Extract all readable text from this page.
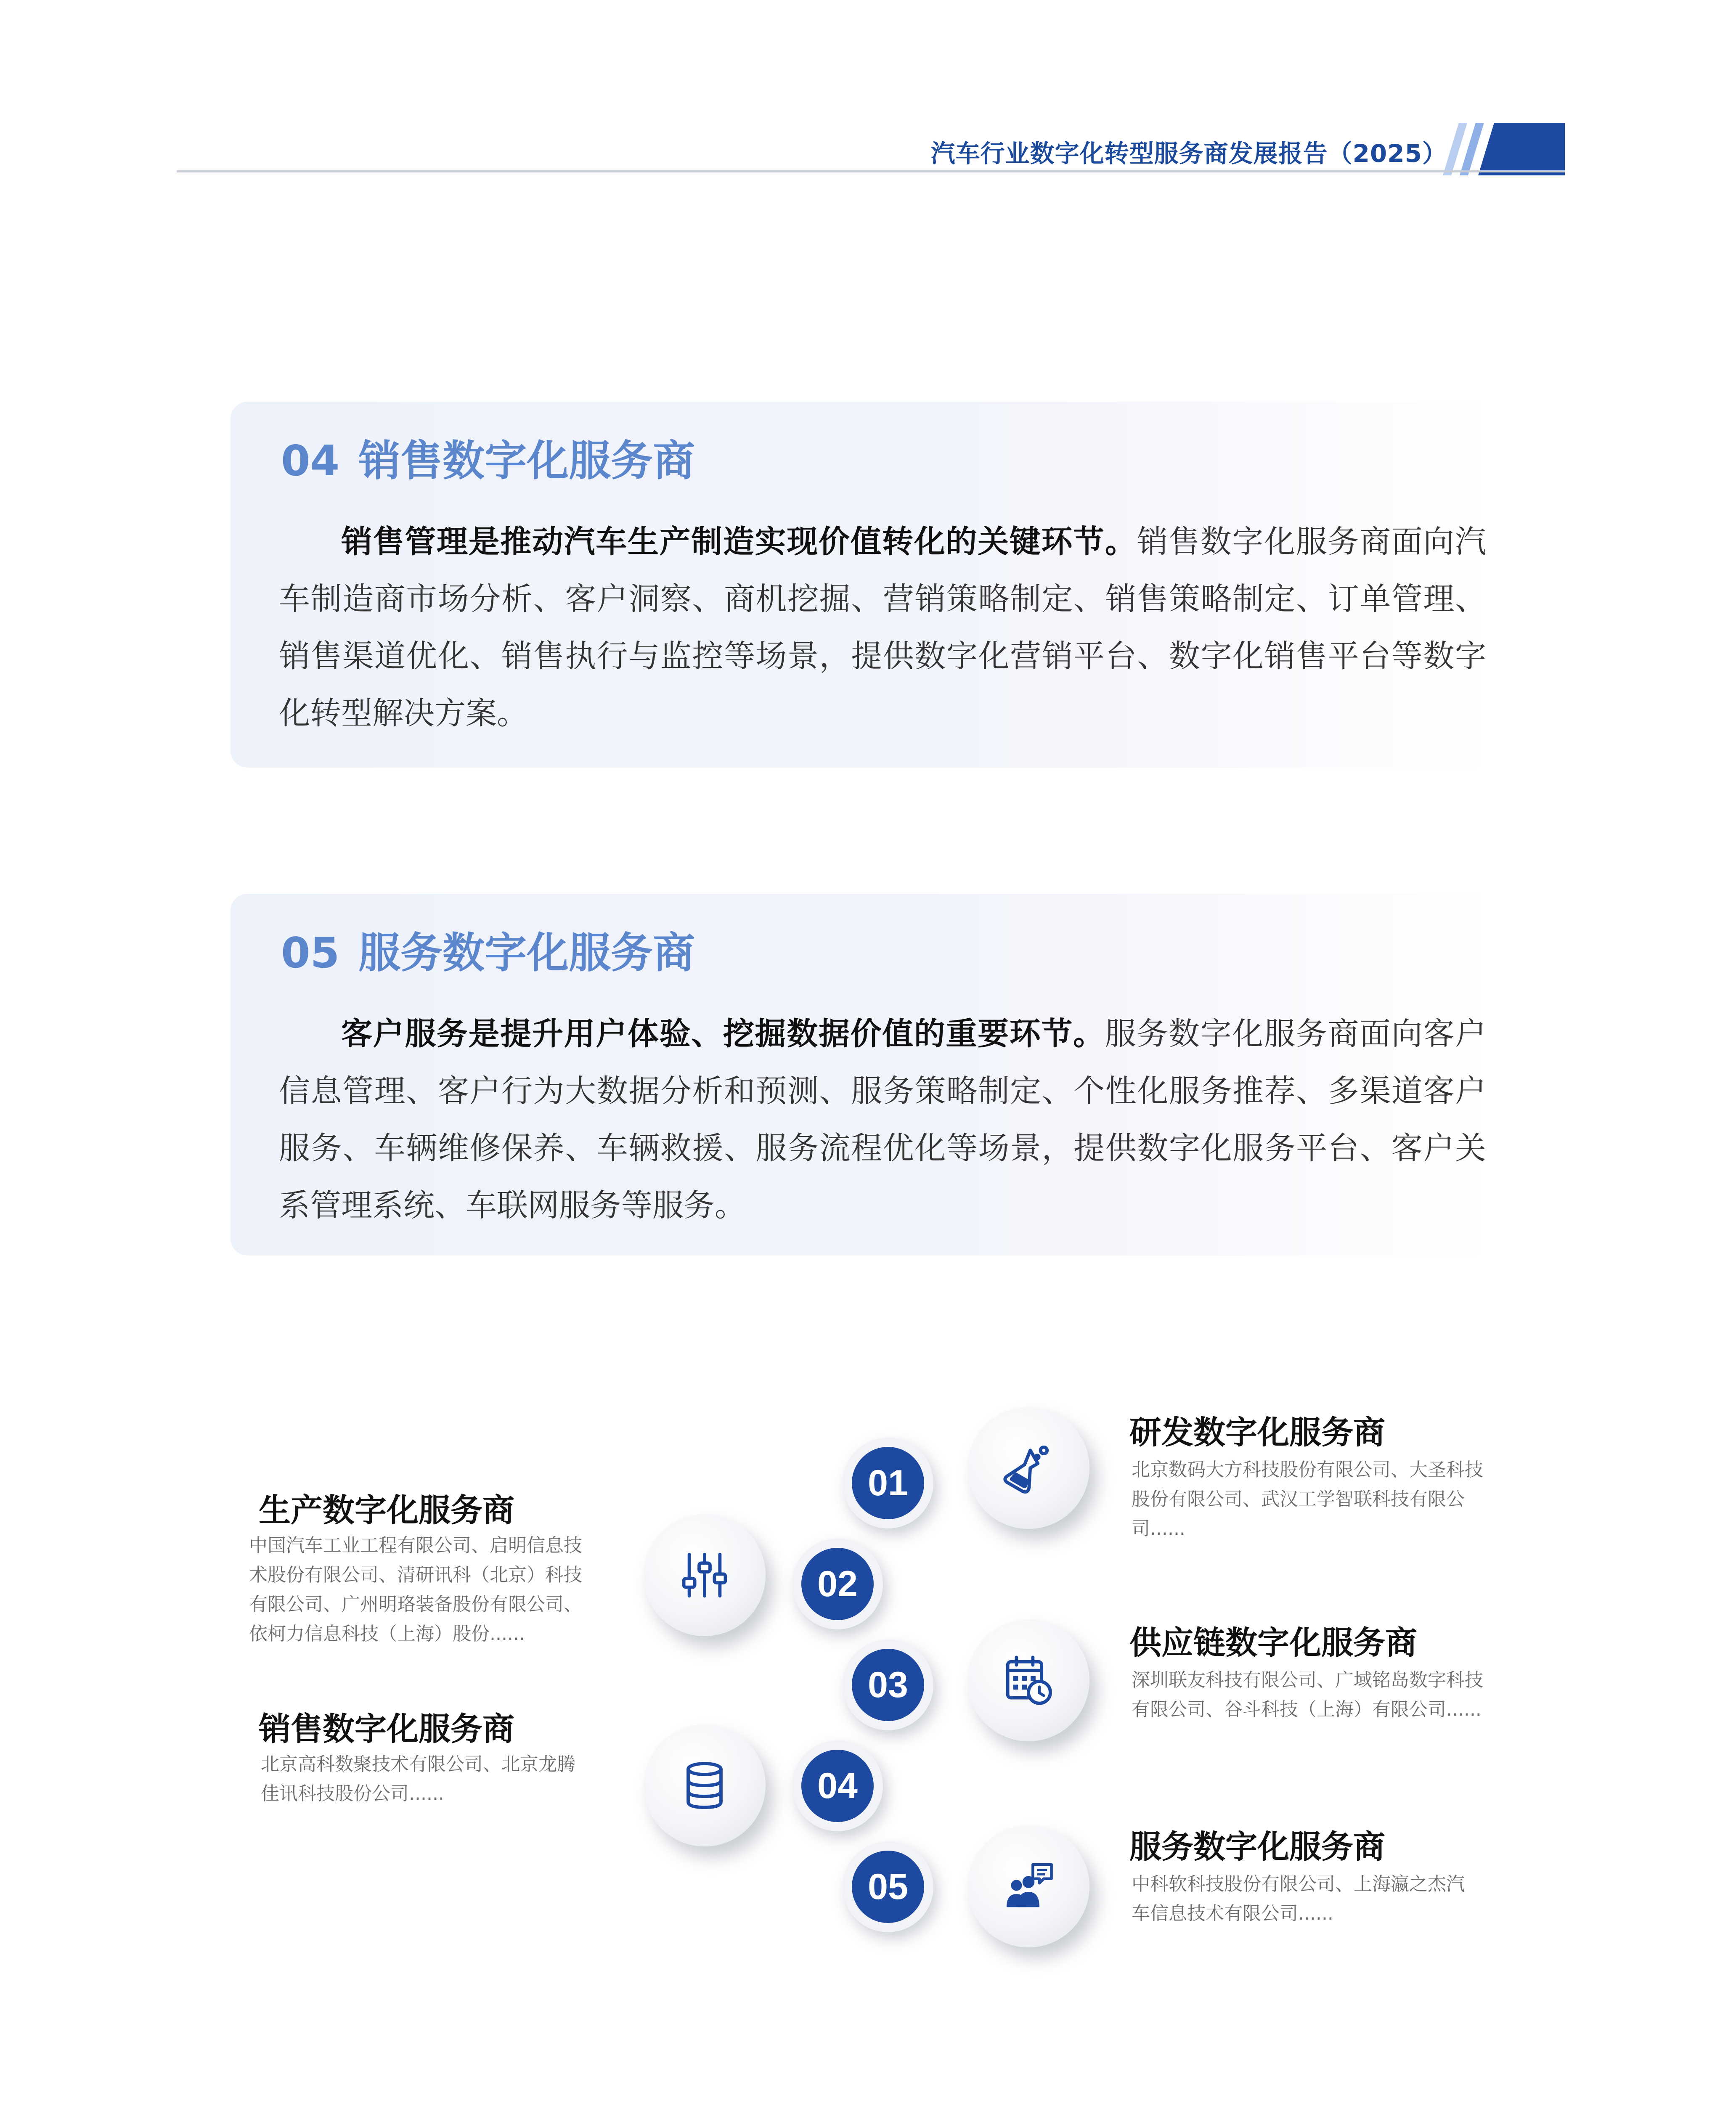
汽车行业数字化转型服务商发展报告（2025）
04 销售数字化服务商
销售管理是推动汽车生产制造实现价值转化的关键环节。销售数字化服务商面向汽车制造商市场分析、客户洞察、商机挖掘、营销策略制定、销售策略制定、订单管理、销售渠道优化、销售执行与监控等场景，提供数字化营销平台、数字化销售平台等数字化转型解决方案。
05 服务数字化服务商
客户服务是提升用户体验、挖掘数据价值的重要环节。服务数字化服务商面向客户信息管理、客户行为大数据分析和预测、服务策略制定、个性化服务推荐、多渠道客户服务、车辆维修保养、车辆救援、服务流程优化等场景，提供数字化服务平台、客户关系管理系统、车联网服务等服务。
01
02
03
04
05
研发数字化服务商
北京数码大方科技股份有限公司、大圣科技股份有限公司、武汉工学智联科技有限公司......
供应链数字化服务商
深圳联友科技有限公司、广域铭岛数字科技有限公司、谷斗科技（上海）有限公司......
服务数字化服务商
中科软科技股份有限公司、上海瀛之杰汽车信息技术有限公司......
生产数字化服务商
中国汽车工业工程有限公司、启明信息技术股份有限公司、清研讯科（北京）科技有限公司、广州明珞装备股份有限公司、依柯力信息科技（上海）股份......
销售数字化服务商
北京高科数聚技术有限公司、北京龙腾佳讯科技股份公司......
